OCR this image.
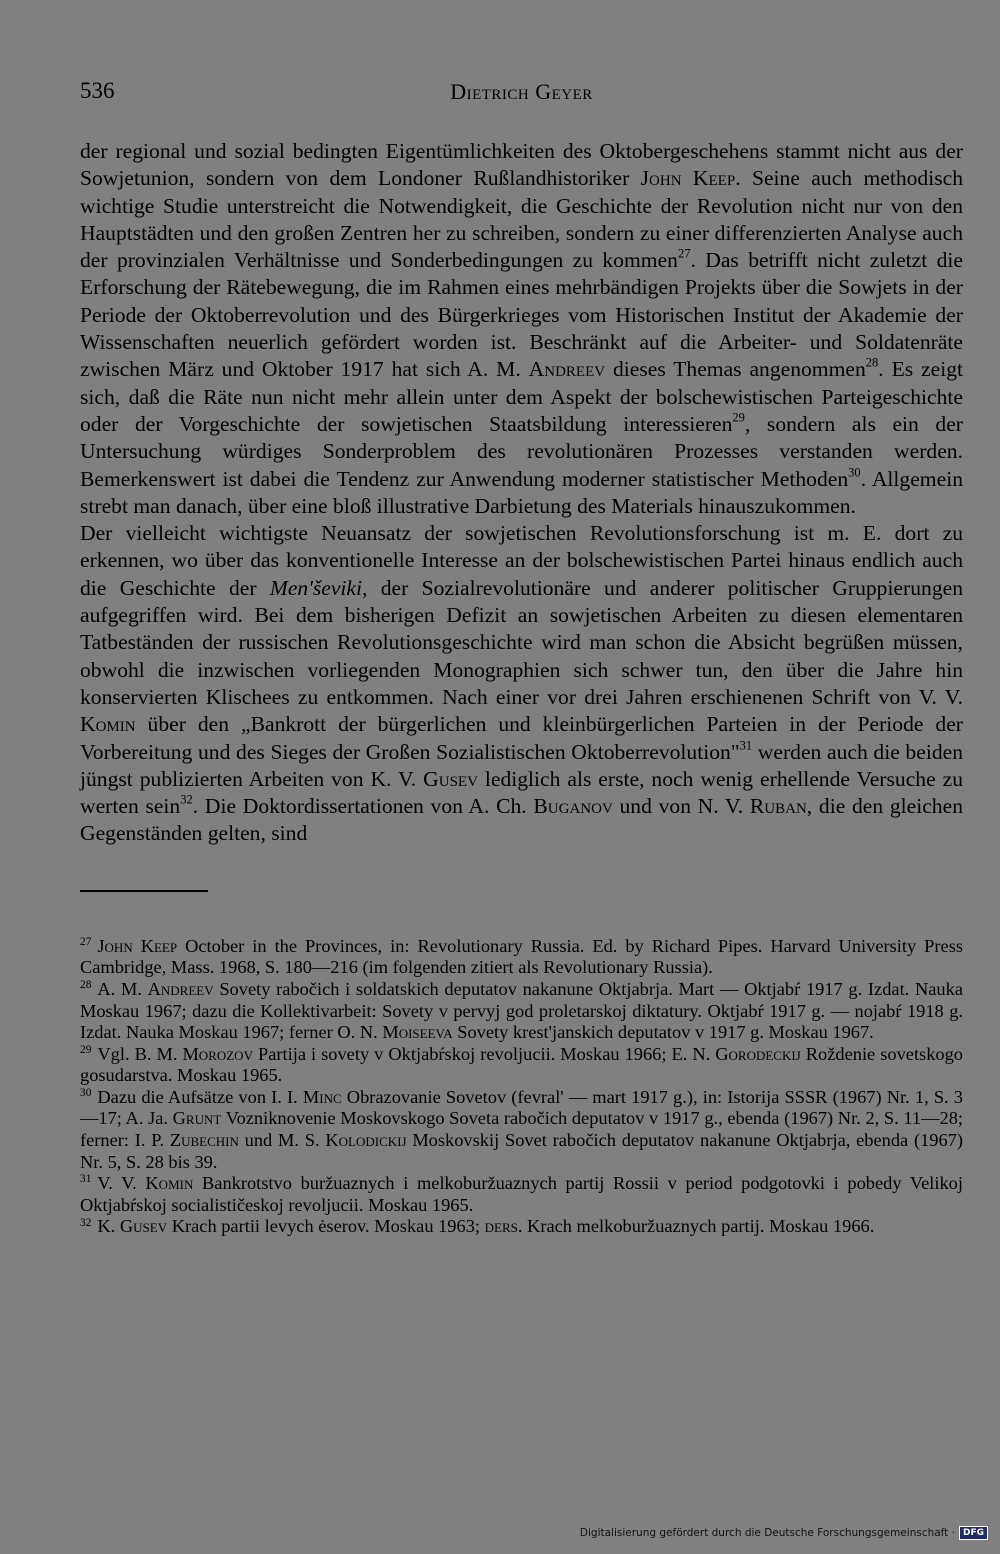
536	Dietrich Geyer

der regional und sozial bedingten Eigentümlichkeiten des Oktobergeschehens stammt nicht aus der Sowjetunion, sondern von dem Londoner Rußlandhistoriker John Keep. Seine auch methodisch wichtige Studie unterstreicht die Notwendigkeit, die Geschichte der Revolution nicht nur von den Hauptstädten und den großen Zentren her zu schreiben, sondern zu einer differenzierten Analyse auch der provinzialen Verhältnisse und Sonderbedingungen zu kommen$^{27}$. Das betrifft nicht zuletzt die Erforschung der Rätebewegung, die im Rahmen eines mehrbändigen Projekts über die Sowjets in der Periode der Oktoberrevolution und des Bürgerkrieges vom Historischen Institut der Akademie der Wissenschaften neuerlich gefördert worden ist. Beschränkt auf die Arbeiter- und Soldatenräte zwischen März und Oktober 1917 hat sich A. M. Andreev dieses Themas angenommen$^{28}$. Es zeigt sich, daß die Räte nun nicht mehr allein unter dem Aspekt der bolschewistischen Parteigeschichte oder der Vorgeschichte der sowjetischen Staatsbildung interessieren$^{29}$, sondern als ein der Untersuchung würdiges Sonderproblem des revolutionären Prozesses verstanden werden. Bemerkenswert ist dabei die Tendenz zur Anwendung moderner statistischer Methoden$^{30}$. Allgemein strebt man danach, über eine bloß illustrative Darbietung des Materials hinauszukommen.

Der vielleicht wichtigste Neuansatz der sowjetischen Revolutionsforschung ist m. E. dort zu erkennen, wo über das konventionelle Interesse an der bolschewistischen Partei hinaus endlich auch die Geschichte der Men'ševiki, der Sozialrevolutionäre und anderer politischer Gruppierungen aufgegriffen wird. Bei dem bisherigen Defizit an sowjetischen Arbeiten zu diesen elementaren Tatbeständen der russischen Revolutionsgeschichte wird man schon die Absicht begrüßen müssen, obwohl die inzwischen vorliegenden Monographien sich schwer tun, den über die Jahre hin konservierten Klischees zu entkommen. Nach einer vor drei Jahren erschienenen Schrift von V. V. Komin über den „Bankrott der bürgerlichen und kleinbürgerlichen Parteien in der Periode der Vorbereitung und des Sieges der Großen Sozialistischen Oktoberrevolution"$^{31}$ werden auch die beiden jüngst publizierten Arbeiten von K. V. Gusev lediglich als erste, noch wenig erhellende Versuche zu werten sein$^{32}$. Die Doktordissertationen von A. Ch. Buganov und von N. V. Ruban, die den gleichen Gegenständen gelten, sind

$^{27}$ John Keep October in the Provinces, in: Revolutionary Russia. Ed. by Richard Pipes. Harvard University Press Cambridge, Mass. 1968, S. 180—216 (im folgenden zitiert als Revolutionary Russia).

$^{28}$ A. M. Andreev Sovety rabočich i soldatskich deputatov nakanune Oktjabrja. Mart — Oktjabŕ 1917 g. Izdat. Nauka Moskau 1967; dazu die Kollektivarbeit: Sovety v pervyj god proletarskoj diktatury. Oktjabŕ 1917 g. — nojabŕ 1918 g. Izdat. Nauka Moskau 1967; ferner O. N. Moiseeva Sovety krest'janskich deputatov v 1917 g. Moskau 1967.

$^{29}$ Vgl. B. M. Morozov Partija i sovety v Oktjabŕskoj revoljucii. Moskau 1966; E. N. Gorodeckij Roždenie sovetskogo gosudarstva. Moskau 1965.

$^{30}$ Dazu die Aufsätze von I. I. Minc Obrazovanie Sovetov (fevral' — mart 1917 g.), in: Istorija SSSR (1967) Nr. 1, S. 3—17; A. Ja. Grunt Vozniknovenie Moskovskogo Soveta rabočich deputatov v 1917 g., ebenda (1967) Nr. 2, S. 11—28; ferner: I. P. Zubechin und M. S. Kolodickij Moskovskij Sovet rabočich deputatov nakanune Oktjabrja, ebenda (1967) Nr. 5, S. 28 bis 39.

$^{31}$ V. V. Komin Bankrotstvo buržuaznych i melkoburžuaznych partij Rossii v period podgotovki i pobedy Velikoj Oktjabŕskoj socialističeskoj revoljucii. Moskau 1965.

$^{32}$ K. Gusev Krach partii levych ėserov. Moskau 1963; ders. Krach melkoburžuaznych partij. Moskau 1966.

Digitalisierung gefördert durch die Deutsche Forschungsgemeinschaft · DFG
